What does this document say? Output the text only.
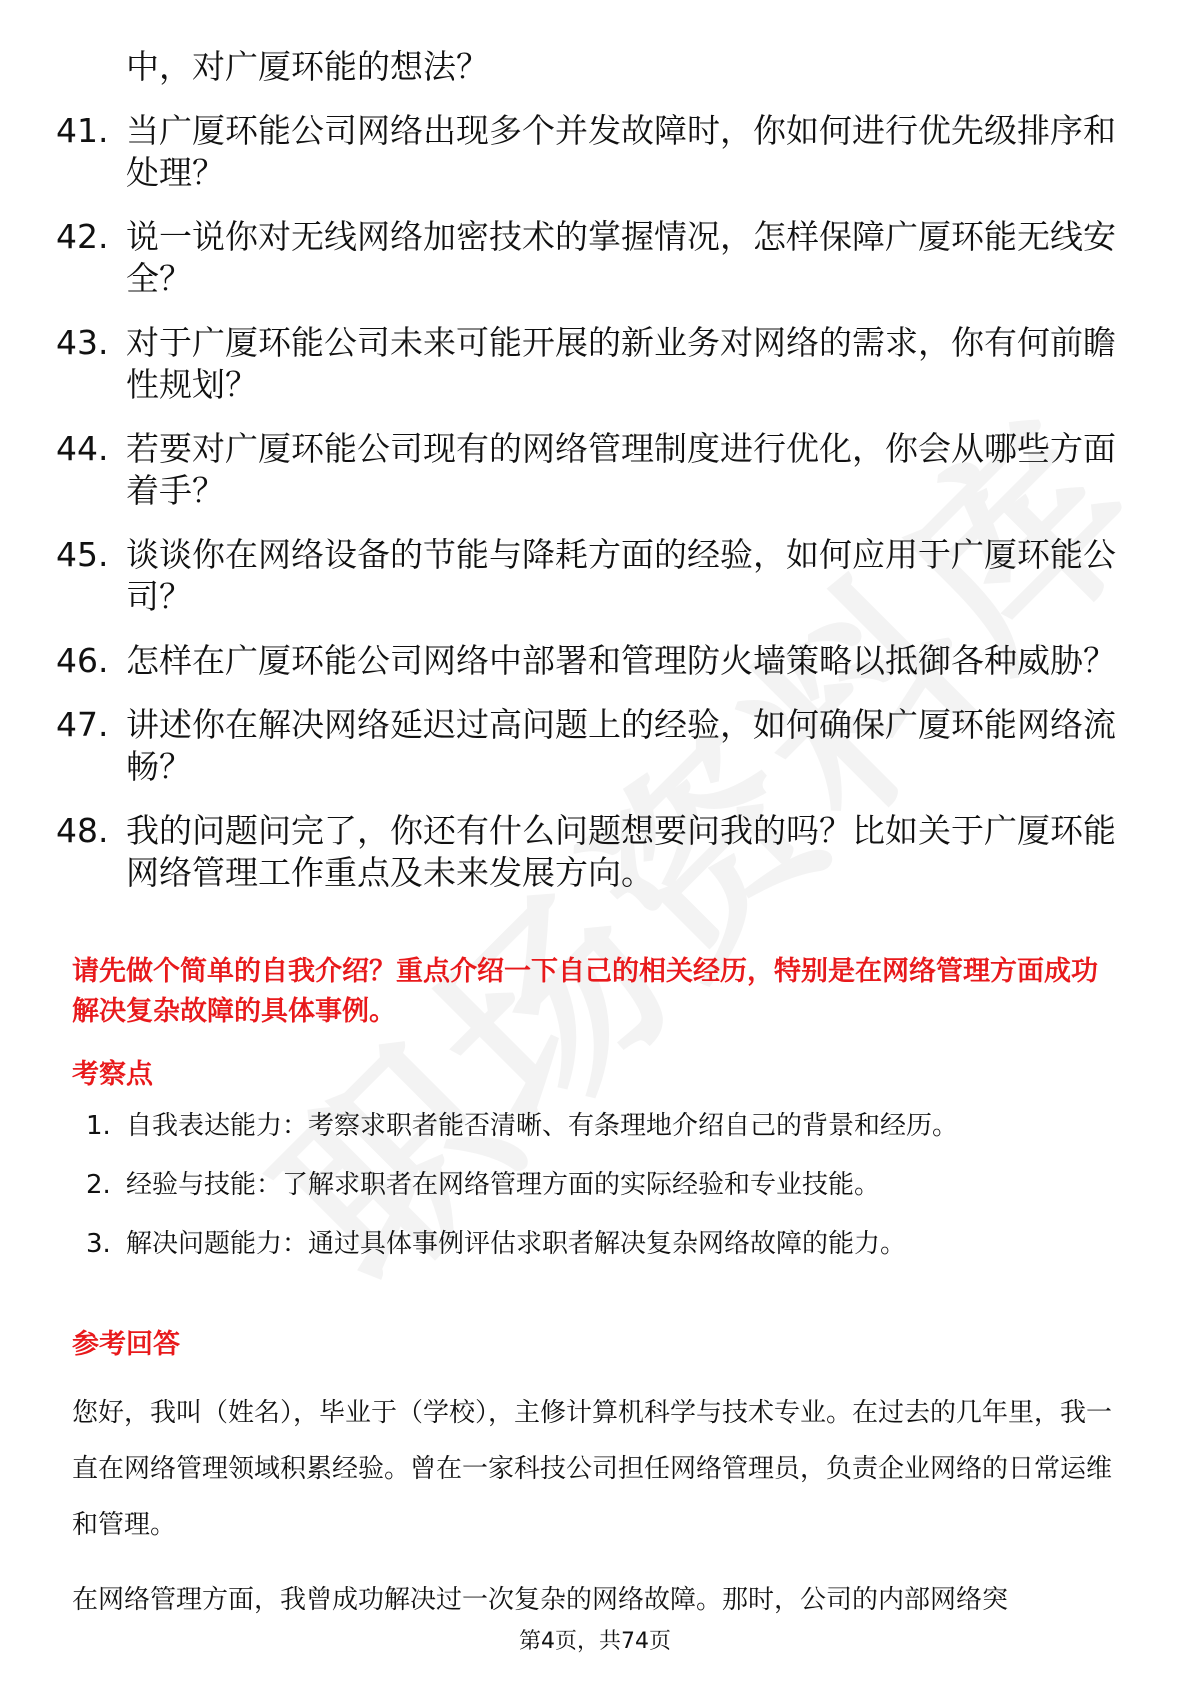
中，对广厦环能的想法？
41. 当广厦环能公司网络出现多个并发故障时，你如何进行优先级排序和处理？
42. 说一说你对无线网络加密技术的掌握情况，怎样保障广厦环能无线安全？
43. 对于广厦环能公司未来可能开展的新业务对网络的需求，你有何前瞻性规划？
44. 若要对广厦环能公司现有的网络管理制度进行优化，你会从哪些方面着手？
45. 谈谈你在网络设备的节能与降耗方面的经验，如何应用于广厦环能公司？
46. 怎样在广厦环能公司网络中部署和管理防火墙策略以抵御各种威胁？
47. 讲述你在解决网络延迟过高问题上的经验，如何确保广厦环能网络流畅？
48. 我的问题问完了，你还有什么问题想要问我的吗？比如关于广厦环能网络管理工作重点及未来发展方向。
请先做个简单的自我介绍？重点介绍一下自己的相关经历，特别是在网络管理方面成功解决复杂故障的具体事例。
考察点
1. 自我表达能力：考察求职者能否清晰、有条理地介绍自己的背景和经历。
2. 经验与技能：了解求职者在网络管理方面的实际经验和专业技能。
3. 解决问题能力：通过具体事例评估求职者解决复杂网络故障的能力。
参考回答

您好，我叫（姓名），毕业于（学校），主修计算机科学与技术专业。在过去的几年里，我一直在网络管理领域积累经验。曾在一家科技公司担任网络管理员，负责企业网络的日常运维和管理。

在网络管理方面，我曾成功解决过一次复杂的网络故障。那时，公司的内部网络突

第4页，共74页
